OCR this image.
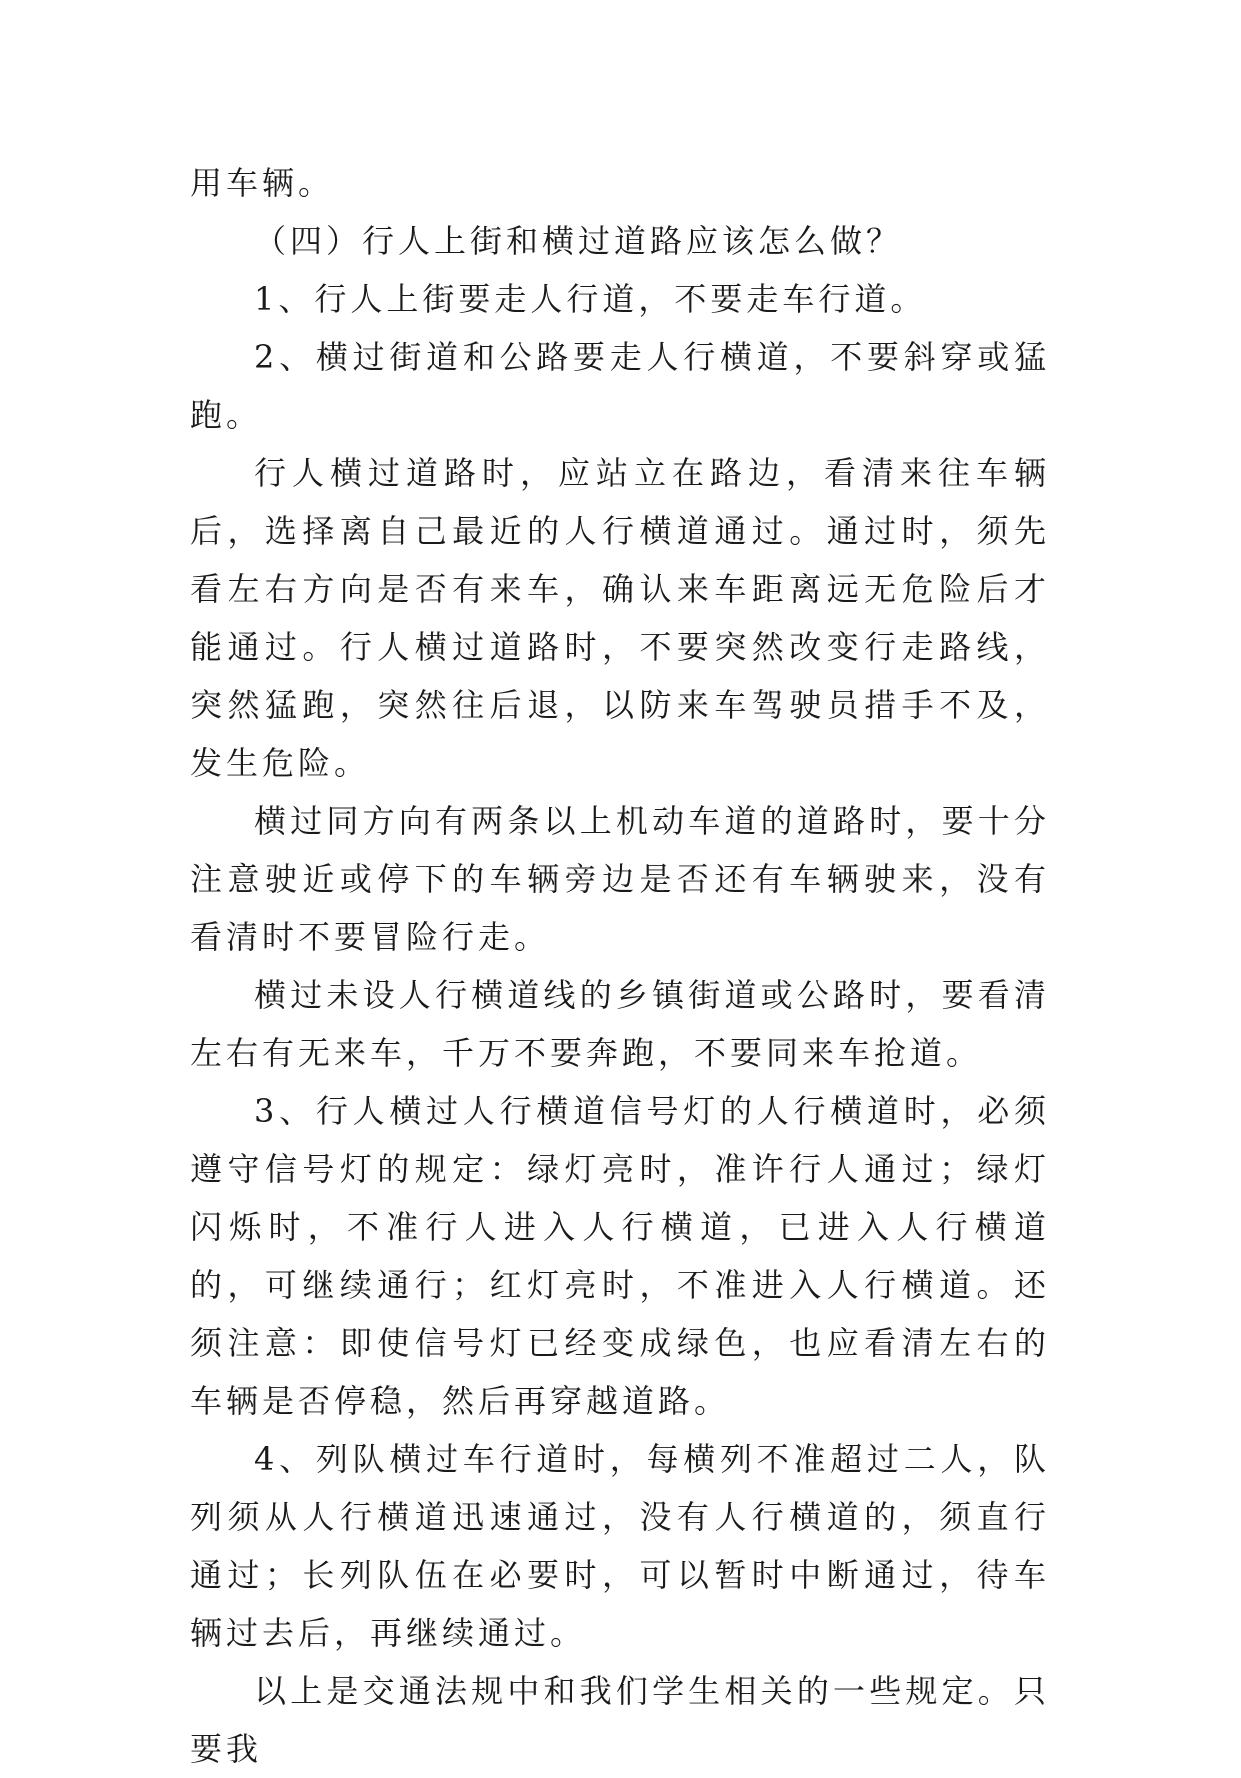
用车辆。

（四）行人上街和横过道路应该怎么做？

1、行人上街要走人行道，不要走车行道。

2、横过街道和公路要走人行横道，不要斜穿或猛跑。

行人横过道路时，应站立在路边，看清来往车辆后，选择离自己最近的人行横道通过。通过时，须先看左右方向是否有来车，确认来车距离远无危险后才能通过。行人横过道路时，不要突然改变行走路线，突然猛跑，突然往后退，以防来车驾驶员措手不及，发生危险。

横过同方向有两条以上机动车道的道路时，要十分注意驶近或停下的车辆旁边是否还有车辆驶来，没有看清时不要冒险行走。

横过未设人行横道线的乡镇街道或公路时，要看清左右有无来车，千万不要奔跑，不要同来车抢道。

3、行人横过人行横道信号灯的人行横道时，必须遵守信号灯的规定：绿灯亮时，准许行人通过；绿灯闪烁时，不准行人进入人行横道，已进入人行横道的，可继续通行；红灯亮时，不准进入人行横道。还须注意：即使信号灯已经变成绿色，也应看清左右的车辆是否停稳，然后再穿越道路。

4、列队横过车行道时，每横列不准超过二人，队列须从人行横道迅速通过，没有人行横道的，须直行通过；长列队伍在必要时，可以暂时中断通过，待车辆过去后，再继续通过。

以上是交通法规中和我们学生相关的一些规定。只要我
